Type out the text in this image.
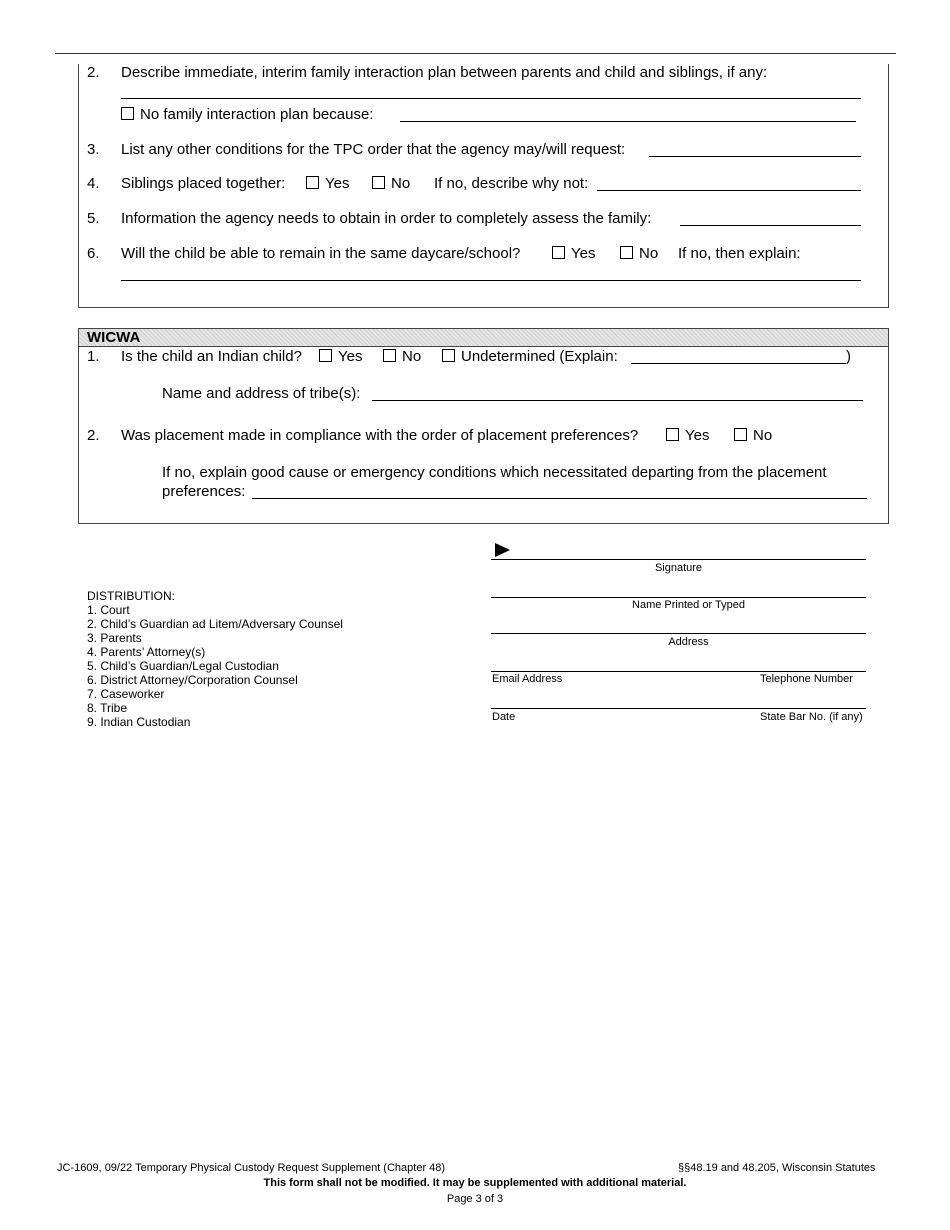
2. Describe immediate, interim family interaction plan between parents and child and siblings, if any:
No family interaction plan because:
3. List any other conditions for the TPC order that the agency may/will request:
4. Siblings placed together:	Yes	No If no, describe why not:
5. Information the agency needs to obtain in order to completely assess the family:
6. Will the child be able to remain in the same daycare/school?	Yes	No If no, then explain:
WICWA
1. Is the child an Indian child?	Yes	No	Undetermined (Explain:	)
Name and address of tribe(s):
2. Was placement made in compliance with the order of placement preferences?	Yes	No
If no, explain good cause or emergency conditions which necessitated departing from the placement
preferences:
Signature
Name Printed or Typed
Address
Email Address	Telephone Number
Date	State Bar No. (if any)
DISTRIBUTION:
1. Court
2. Child’s Guardian ad Litem/Adversary Counsel
3. Parents
4. Parents’ Attorney(s)
5. Child’s Guardian/Legal Custodian
6. District Attorney/Corporation Counsel
7. Caseworker
8. Tribe
9. Indian Custodian
JC-1609, 09/22 Temporary Physical Custody Request Supplement (Chapter 48)	§§48.19 and 48.205, Wisconsin Statutes
This form shall not be modified. It may be supplemented with additional material.
Page 3 of 3
